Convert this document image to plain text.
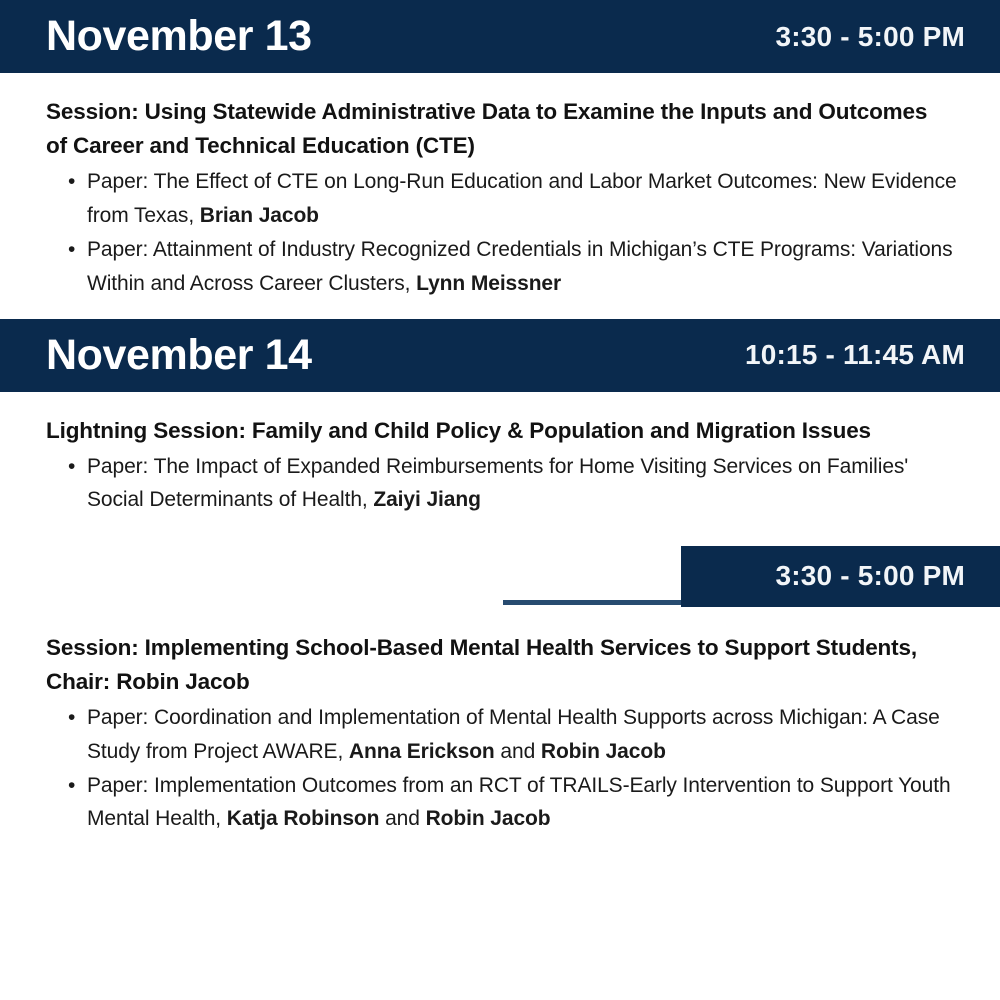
November 13	3:30 - 5:00 PM
Session: Using Statewide Administrative Data to Examine the Inputs and Outcomes of Career and Technical Education (CTE)
• Paper: The Effect of CTE on Long-Run Education and Labor Market Outcomes: New Evidence from Texas, Brian Jacob
• Paper: Attainment of Industry Recognized Credentials in Michigan’s CTE Programs: Variations Within and Across Career Clusters, Lynn Meissner
November 14	10:15 - 11:45 AM
Lightning Session: Family and Child Policy & Population and Migration Issues
• Paper: The Impact of Expanded Reimbursements for Home Visiting Services on Families' Social Determinants of Health, Zaiyi Jiang
3:30 - 5:00 PM
Session: Implementing School-Based Mental Health Services to Support Students, Chair: Robin Jacob
• Paper: Coordination and Implementation of Mental Health Supports across Michigan: A Case Study from Project AWARE, Anna Erickson and Robin Jacob
• Paper: Implementation Outcomes from an RCT of TRAILS-Early Intervention to Support Youth Mental Health, Katja Robinson and Robin Jacob
